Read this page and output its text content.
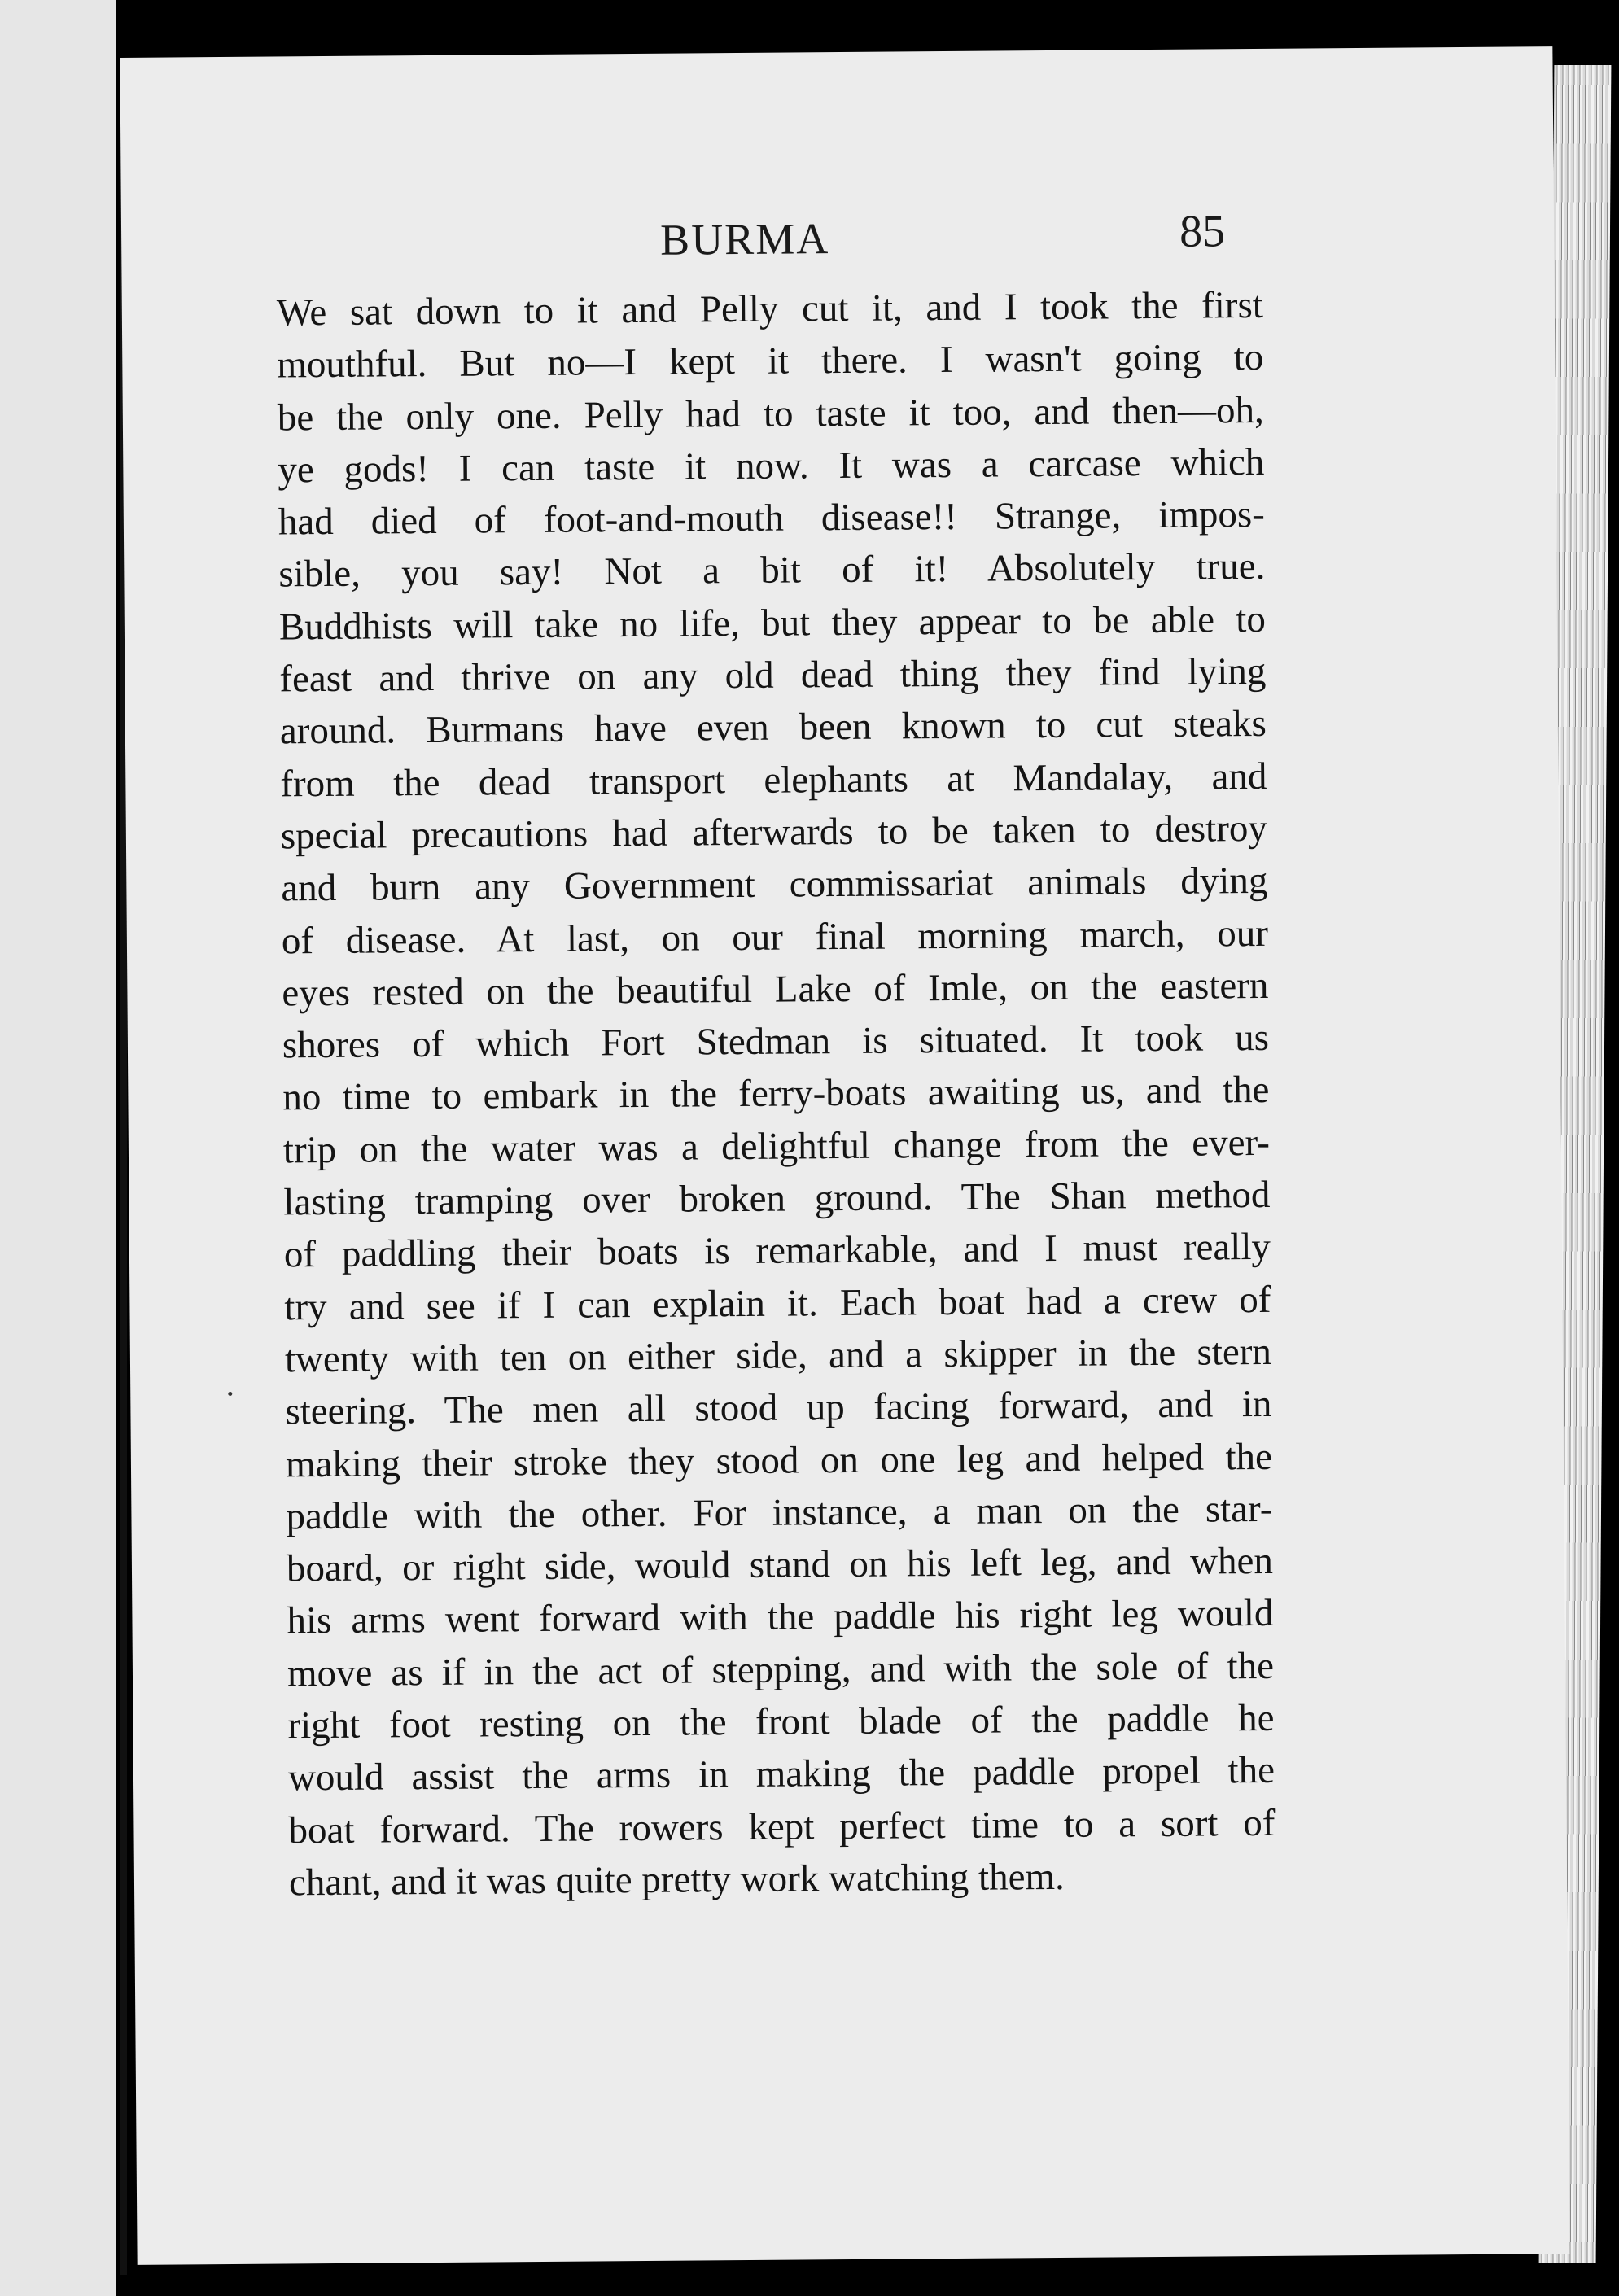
BURMA	85
We sat down to it and Pelly cut it, and I took the first
mouthful. But no—I kept it there. I wasn't going to
be the only one. Pelly had to taste it too, and then—oh,
ye gods! I can taste it now. It was a carcase which
had died of foot-and-mouth disease!! Strange, impos-
sible, you say! Not a bit of it! Absolutely true.
Buddhists will take no life, but they appear to be able to
feast and thrive on any old dead thing they find lying
around. Burmans have even been known to cut steaks
from the dead transport elephants at Mandalay, and
special precautions had afterwards to be taken to destroy
and burn any Government commissariat animals dying
of disease. At last, on our final morning march, our
eyes rested on the beautiful Lake of Imle, on the eastern
shores of which Fort Stedman is situated. It took us
no time to embark in the ferry-boats awaiting us, and the
trip on the water was a delightful change from the ever-
lasting tramping over broken ground. The Shan method
of paddling their boats is remarkable, and I must really
try and see if I can explain it. Each boat had a crew of
twenty with ten on either side, and a skipper in the stern
steering. The men all stood up facing forward, and in
making their stroke they stood on one leg and helped the
paddle with the other. For instance, a man on the star-
board, or right side, would stand on his left leg, and when
his arms went forward with the paddle his right leg would
move as if in the act of stepping, and with the sole of the
right foot resting on the front blade of the paddle he
would assist the arms in making the paddle propel the
boat forward. The rowers kept perfect time to a sort of
chant, and it was quite pretty work watching them.
